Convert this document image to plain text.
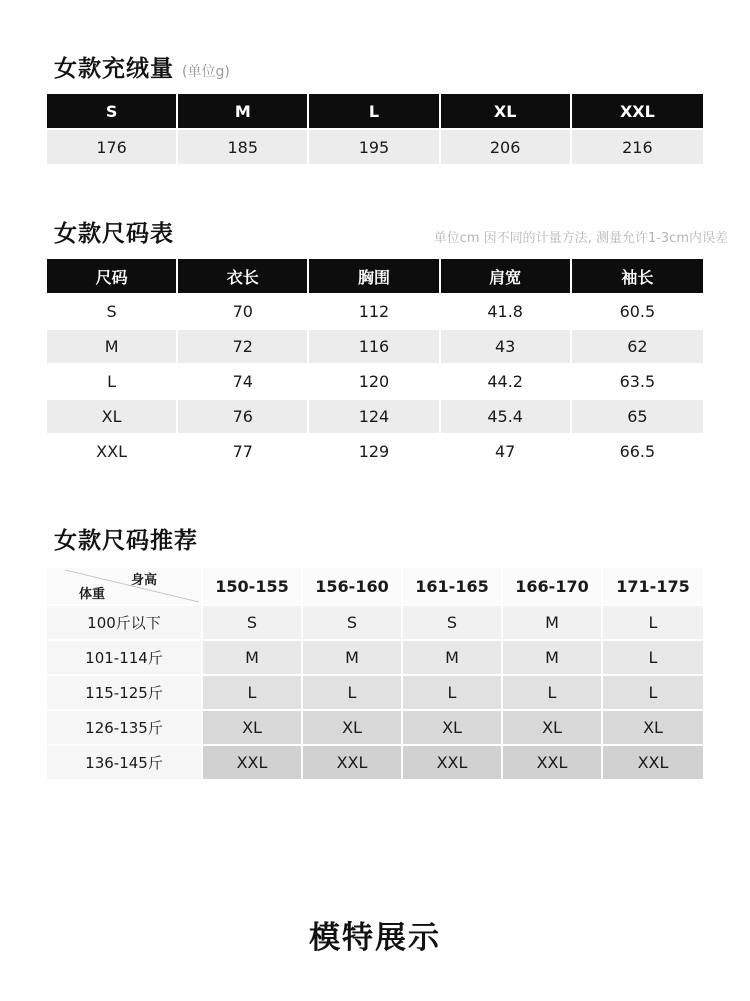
女款充绒量 (单位g)
S	M	L	XL	XXL
176	185	195	206	216
女款尺码表	单位cm 因不同的计量方法, 测量允许1-3cm内误差
尺码	衣长	胸围	肩宽	袖长
S	70	112	41.8	60.5
M	72	116	43	62
L	74	120	44.2	63.5
XL	76	124	45.4	65
XXL	77	129	47	66.5
女款尺码推荐
身高
体重	150-155	156-160	161-165	166-170	171-175
100斤以下	S	S	S	M	L
101-114斤	M	M	M	M	L
115-125斤	L	L	L	L	L
126-135斤	XL	XL	XL	XL	XL
136-145斤	XXL	XXL	XXL	XXL	XXL
模特展示
